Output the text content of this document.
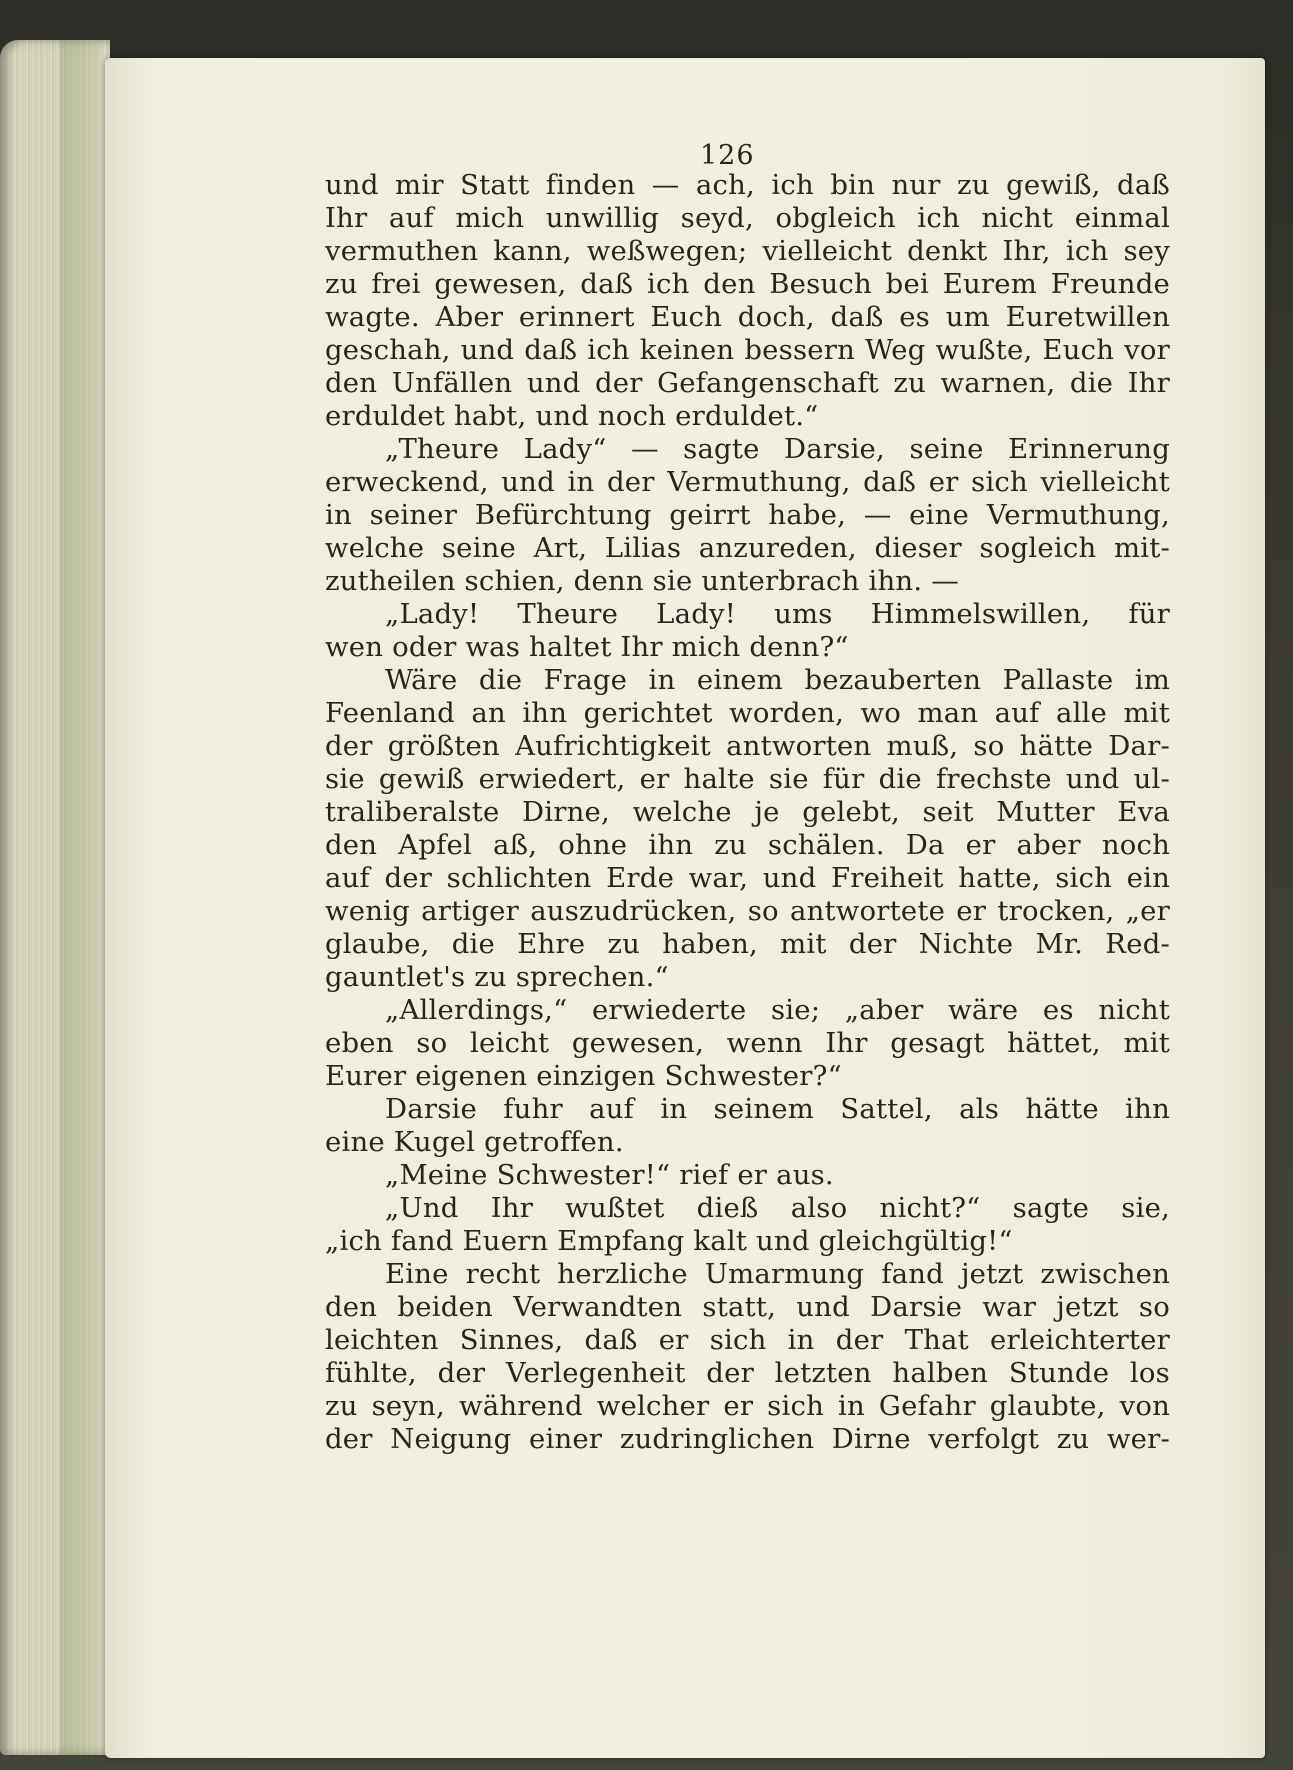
126
und mir Statt finden — ach, ich bin nur zu gewiß, daß
Ihr auf mich unwillig seyd, obgleich ich nicht einmal
vermuthen kann, weßwegen; vielleicht denkt Ihr, ich sey
zu frei gewesen, daß ich den Besuch bei Eurem Freunde
wagte. Aber erinnert Euch doch, daß es um Euretwillen
geschah, und daß ich keinen bessern Weg wußte, Euch vor
den Unfällen und der Gefangenschaft zu warnen, die Ihr
erduldet habt, und noch erduldet.“
„Theure Lady“ — sagte Darsie, seine Erinnerung
erweckend, und in der Vermuthung, daß er sich vielleicht
in seiner Befürchtung geirrt habe, — eine Vermuthung,
welche seine Art, Lilias anzureden, dieser sogleich mit-
zutheilen schien, denn sie unterbrach ihn. —
„Lady! Theure Lady! ums Himmelswillen, für
wen oder was haltet Ihr mich denn?“
Wäre die Frage in einem bezauberten Pallaste im
Feenland an ihn gerichtet worden, wo man auf alle mit
der größten Aufrichtigkeit antworten muß, so hätte Dar-
sie gewiß erwiedert, er halte sie für die frechste und ul-
traliberalste Dirne, welche je gelebt, seit Mutter Eva
den Apfel aß, ohne ihn zu schälen. Da er aber noch
auf der schlichten Erde war, und Freiheit hatte, sich ein
wenig artiger auszudrücken, so antwortete er trocken, „er
glaube, die Ehre zu haben, mit der Nichte Mr. Red-
gauntlet's zu sprechen.“
„Allerdings,“ erwiederte sie; „aber wäre es nicht
eben so leicht gewesen, wenn Ihr gesagt hättet, mit
Eurer eigenen einzigen Schwester?“
Darsie fuhr auf in seinem Sattel, als hätte ihn
eine Kugel getroffen.
„Meine Schwester!“ rief er aus.
„Und Ihr wußtet dieß also nicht?“ sagte sie,
„ich fand Euern Empfang kalt und gleichgültig!“
Eine recht herzliche Umarmung fand jetzt zwischen
den beiden Verwandten statt, und Darsie war jetzt so
leichten Sinnes, daß er sich in der That erleichterter
fühlte, der Verlegenheit der letzten halben Stunde los
zu seyn, während welcher er sich in Gefahr glaubte, von
der Neigung einer zudringlichen Dirne verfolgt zu wer-
